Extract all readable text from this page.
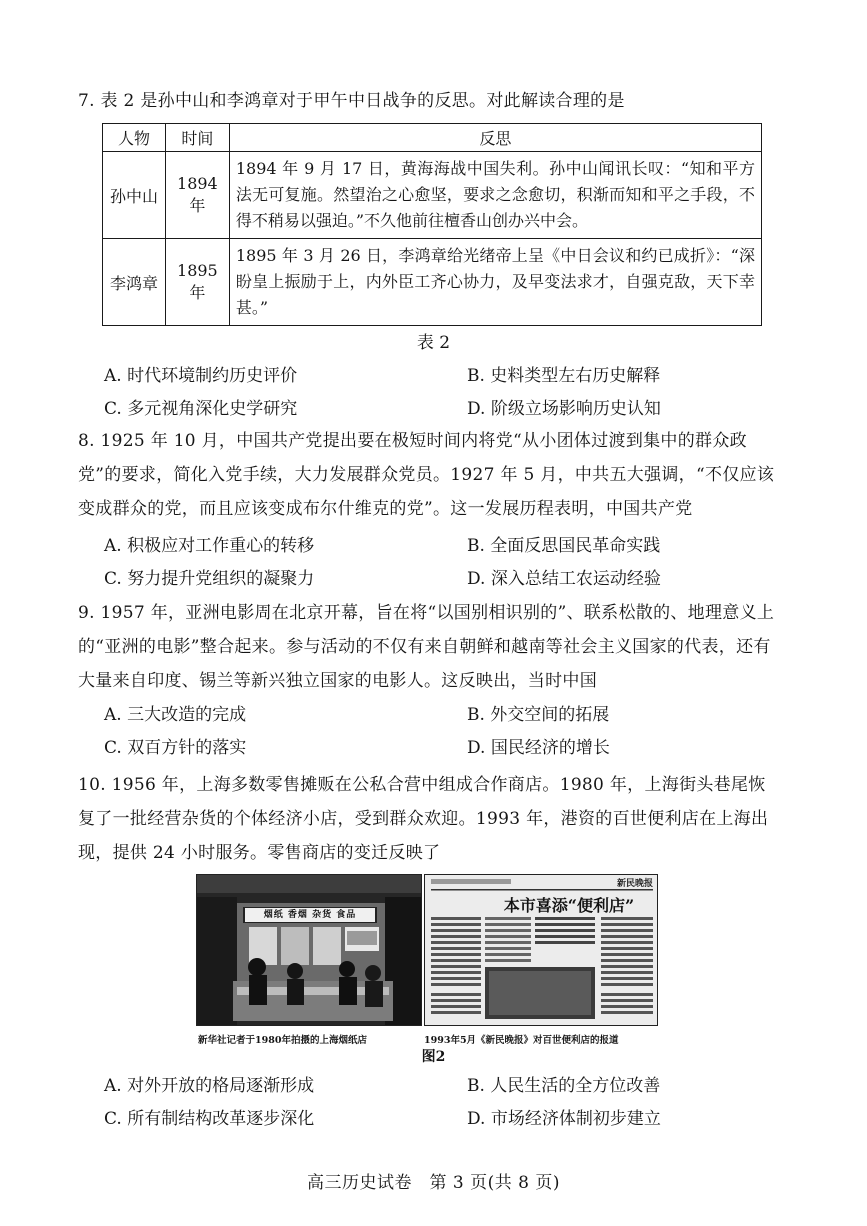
7. 表 2 是孙中山和李鸿章对于甲午中日战争的反思。对此解读合理的是
人物	时间	反思
孙中山	1894 年	1894 年 9 月 17 日，黄海海战中国失利。孙中山闻讯长叹：“知和平方法无可复施。然望治之心愈坚，要求之念愈切，积渐而知和平之手段，不得不稍易以强迫。”不久他前往檀香山创办兴中会。
李鸿章	1895 年	1895 年 3 月 26 日，李鸿章给光绪帝上呈《中日会议和约已成折》：“深盼皇上振励于上，内外臣工齐心协力，及早变法求才，自强克敌，天下幸甚。”
表 2
A. 时代环境制约历史评价	B. 史料类型左右历史解释
C. 多元视角深化史学研究	D. 阶级立场影响历史认知
8. 1925 年 10 月，中国共产党提出要在极短时间内将党“从小团体过渡到集中的群众政党”的要求，简化入党手续，大力发展群众党员。1927 年 5 月，中共五大强调，“不仅应该变成群众的党，而且应该变成布尔什维克的党”。这一发展历程表明，中国共产党
A. 积极应对工作重心的转移	B. 全面反思国民革命实践
C. 努力提升党组织的凝聚力	D. 深入总结工农运动经验
9. 1957 年，亚洲电影周在北京开幕，旨在将“以国别相识别的”、联系松散的、地理意义上的“亚洲的电影”整合起来。参与活动的不仅有来自朝鲜和越南等社会主义国家的代表，还有大量来自印度、锡兰等新兴独立国家的电影人。这反映出，当时中国
A. 三大改造的完成	B. 外交空间的拓展
C. 双百方针的落实	D. 国民经济的增长
10. 1956 年，上海多数零售摊贩在公私合营中组成合作商店。1980 年，上海街头巷尾恢复了一批经营杂货的个体经济小店，受到群众欢迎。1993 年，港资的百世便利店在上海出现，提供 24 小时服务。零售商店的变迁反映了
烟纸 香烟 杂货 食品
新民晚报
本市喜添“便利店”
新华社记者于1980年拍摄的上海烟纸店	1993年5月《新民晚报》对百世便利店的报道
图2
A. 对外开放的格局逐渐形成	B. 人民生活的全方位改善
C. 所有制结构改革逐步深化	D. 市场经济体制初步建立
高三历史试卷　第 3 页(共 8 页)
